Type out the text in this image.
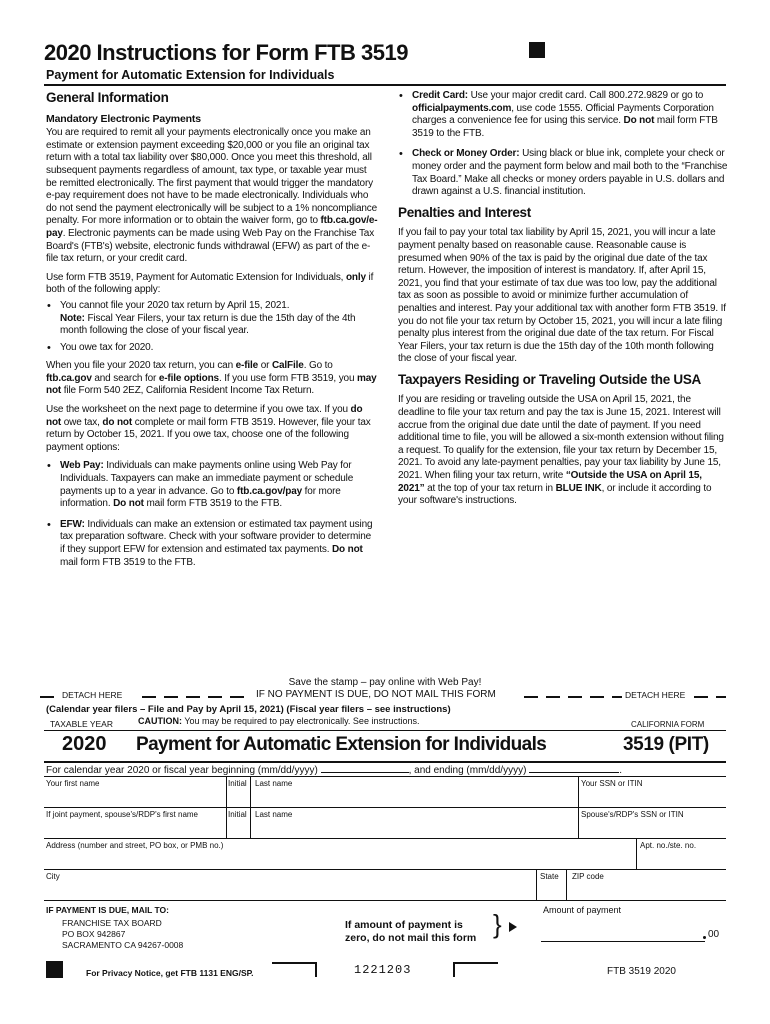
2020 Instructions for Form FTB 3519
Payment for Automatic Extension for Individuals
General Information
Mandatory Electronic Payments
You are required to remit all your payments electronically once you make an estimate or extension payment exceeding $20,000 or you file an original tax return with a total tax liability over $80,000. Once you meet this threshold, all subsequent payments regardless of amount, tax type, or taxable year must be remitted electronically. The first payment that would trigger the mandatory e-pay requirement does not have to be made electronically. Individuals who do not send the payment electronically will be subject to a 1% noncompliance penalty. For more information or to obtain the waiver form, go to ftb.ca.gov/e-pay. Electronic payments can be made using Web Pay on the Franchise Tax Board's (FTB's) website, electronic funds withdrawal (EFW) as part of the e-file tax return, or your credit card.
Use form FTB 3519, Payment for Automatic Extension for Individuals, only if both of the following apply:
• You cannot file your 2020 tax return by April 15, 2021.
Note: Fiscal Year Filers, your tax return is due the 15th day of the 4th month following the close of your fiscal year.
• You owe tax for 2020.
When you file your 2020 tax return, you can e-file or CalFile. Go to ftb.ca.gov and search for e-file options. If you use form FTB 3519, you may not file Form 540 2EZ, California Resident Income Tax Return.
Use the worksheet on the next page to determine if you owe tax. If you do not owe tax, do not complete or mail form FTB 3519. However, file your tax return by October 15, 2021. If you owe tax, choose one of the following payment options:
• Web Pay: Individuals can make payments online using Web Pay for Individuals. Taxpayers can make an immediate payment or schedule payments up to a year in advance. Go to ftb.ca.gov/pay for more information. Do not mail form FTB 3519 to the FTB.
• EFW: Individuals can make an extension or estimated tax payment using tax preparation software. Check with your software provider to determine if they support EFW for extension and estimated tax payments. Do not mail form FTB 3519 to the FTB.
• Credit Card: Use your major credit card. Call 800.272.9829 or go to officialpayments.com, use code 1555. Official Payments Corporation charges a convenience fee for using this service. Do not mail form FTB 3519 to the FTB.
• Check or Money Order: Using black or blue ink, complete your check or money order and the payment form below and mail both to the “Franchise Tax Board.” Make all checks or money orders payable in U.S. dollars and drawn against a U.S. financial institution.
Penalties and Interest
If you fail to pay your total tax liability by April 15, 2021, you will incur a late payment penalty based on reasonable cause. Reasonable cause is presumed when 90% of the tax is paid by the original due date of the tax return. However, the imposition of interest is mandatory. If, after April 15, 2021, you find that your estimate of tax due was too low, pay the additional tax as soon as possible to avoid or minimize further accumulation of penalties and interest. Pay your additional tax with another form FTB 3519. If you do not file your tax return by October 15, 2021, you will incur a late filing penalty plus interest from the original due date of the tax return. For Fiscal Year Filers, your tax return is due the 15th day of the 10th month following the close of your fiscal year.
Taxpayers Residing or Traveling Outside the USA
If you are residing or traveling outside the USA on April 15, 2021, the deadline to file your tax return and pay the tax is June 15, 2021. Interest will accrue from the original due date until the date of payment. If you need additional time to file, you will be allowed a six-month extension without filing a request. To qualify for the extension, file your tax return by December 15, 2021. To avoid any late-payment penalties, pay your tax liability by June 15, 2021. When filing your tax return, write “Outside the USA on April 15, 2021” at the top of your tax return in BLUE INK, or include it according to your software's instructions.
Save the stamp – pay online with Web Pay!
DETACH HERE	IF NO PAYMENT IS DUE, DO NOT MAIL THIS FORM	DETACH HERE
(Calendar year filers – File and Pay by April 15, 2021) (Fiscal year filers – see instructions)
TAXABLE YEAR	CAUTION: You may be required to pay electronically. See instructions.	CALIFORNIA FORM
2020 Payment for Automatic Extension for Individuals	3519 (PIT)
For calendar year 2020 or fiscal year beginning (mm/dd/yyyy)	, and ending (mm/dd/yyyy)	.
Your first name	Initial Last name	Your SSN or ITIN
If joint payment, spouse's/RDP's first name	Initial Last name	Spouse's/RDP's SSN or ITIN
Address (number and street, PO box, or PMB no.)	Apt. no./ste. no.
City	State ZIP code
IF PAYMENT IS DUE, MAIL TO:
FRANCHISE TAX BOARD
PO BOX 942867
SACRAMENTO CA 94267-0008
If amount of payment is
zero, do not mail this form }	Amount of payment
00
For Privacy Notice, get FTB 1131 ENG/SP.	1221203	FTB 3519 2020
